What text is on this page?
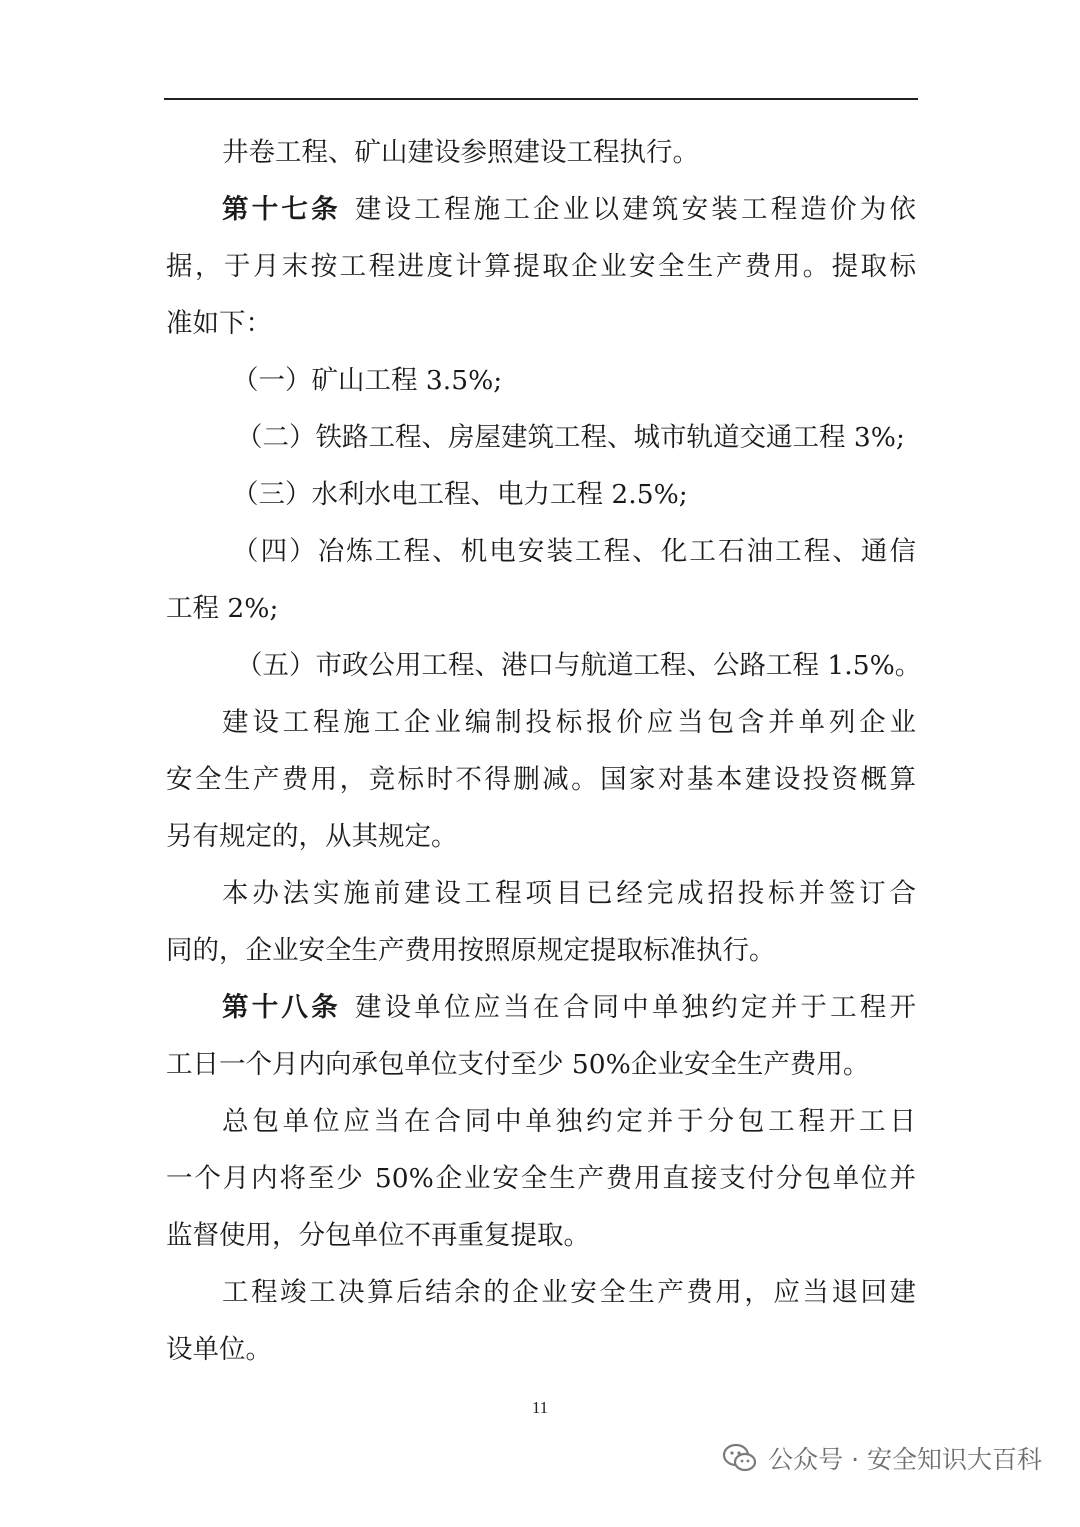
井卷工程、矿山建设参照建设工程执行。
第十七条 建设工程施工企业以建筑安装工程造价为依
据，于月末按工程进度计算提取企业安全生产费用。提取标
准如下：
（一）矿山工程 3.5%;
（二）铁路工程、房屋建筑工程、城市轨道交通工程 3%;
（三）水利水电工程、电力工程 2.5%;
（四）冶炼工程、机电安装工程、化工石油工程、通信
工程 2%;
（五）市政公用工程、港口与航道工程、公路工程 1.5%。
建设工程施工企业编制投标报价应当包含并单列企业
安全生产费用，竞标时不得删减。国家对基本建设投资概算
另有规定的，从其规定。
本办法实施前建设工程项目已经完成招投标并签订合
同的，企业安全生产费用按照原规定提取标准执行。
第十八条 建设单位应当在合同中单独约定并于工程开
工日一个月内向承包单位支付至少 50%企业安全生产费用。
总包单位应当在合同中单独约定并于分包工程开工日
一个月内将至少 50%企业安全生产费用直接支付分包单位并
监督使用，分包单位不再重复提取。
工程竣工决算后结余的企业安全生产费用，应当退回建
设单位。
11
公众号 · 安全知识大百科
